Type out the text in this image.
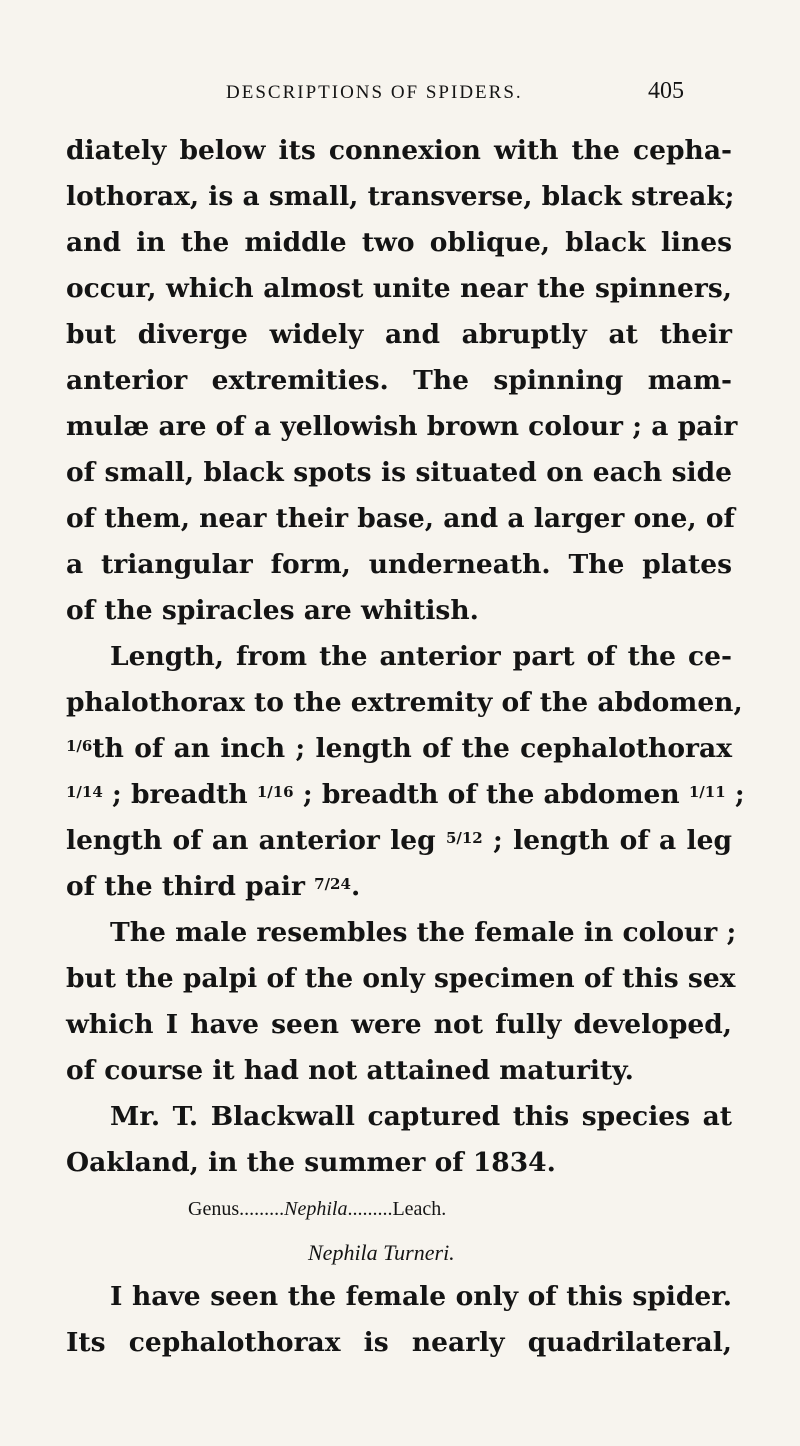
DESCRIPTIONS OF SPIDERS.	405
diately below its connexion with the cepha-
lothorax, is a small, transverse, black streak;
and in the middle two oblique, black lines
occur, which almost unite near the spinners,
but diverge widely and abruptly at their
anterior extremities. The spinning mam-
mulæ are of a yellowish brown colour ; a pair
of small, black spots is situated on each side
of them, near their base, and a larger one, of
a triangular form, underneath. The plates
of the spiracles are whitish.
Length, from the anterior part of the ce-
phalothorax to the extremity of the abdomen,
1/6th of an inch ; length of the cephalothorax
1/14 ; breadth 1/16 ; breadth of the abdomen 1/11 ;
length of an anterior leg 5/12 ; length of a leg
of the third pair 7/24.
The male resembles the female in colour ;
but the palpi of the only specimen of this sex
which I have seen were not fully developed,
of course it had not attained maturity.
Mr. T. Blackwall captured this species at
Oakland, in the summer of 1834.
Genus.........Nephila.........Leach.
Nephila Turneri.
I have seen the female only of this spider.
Its cephalothorax is nearly quadrilateral,
